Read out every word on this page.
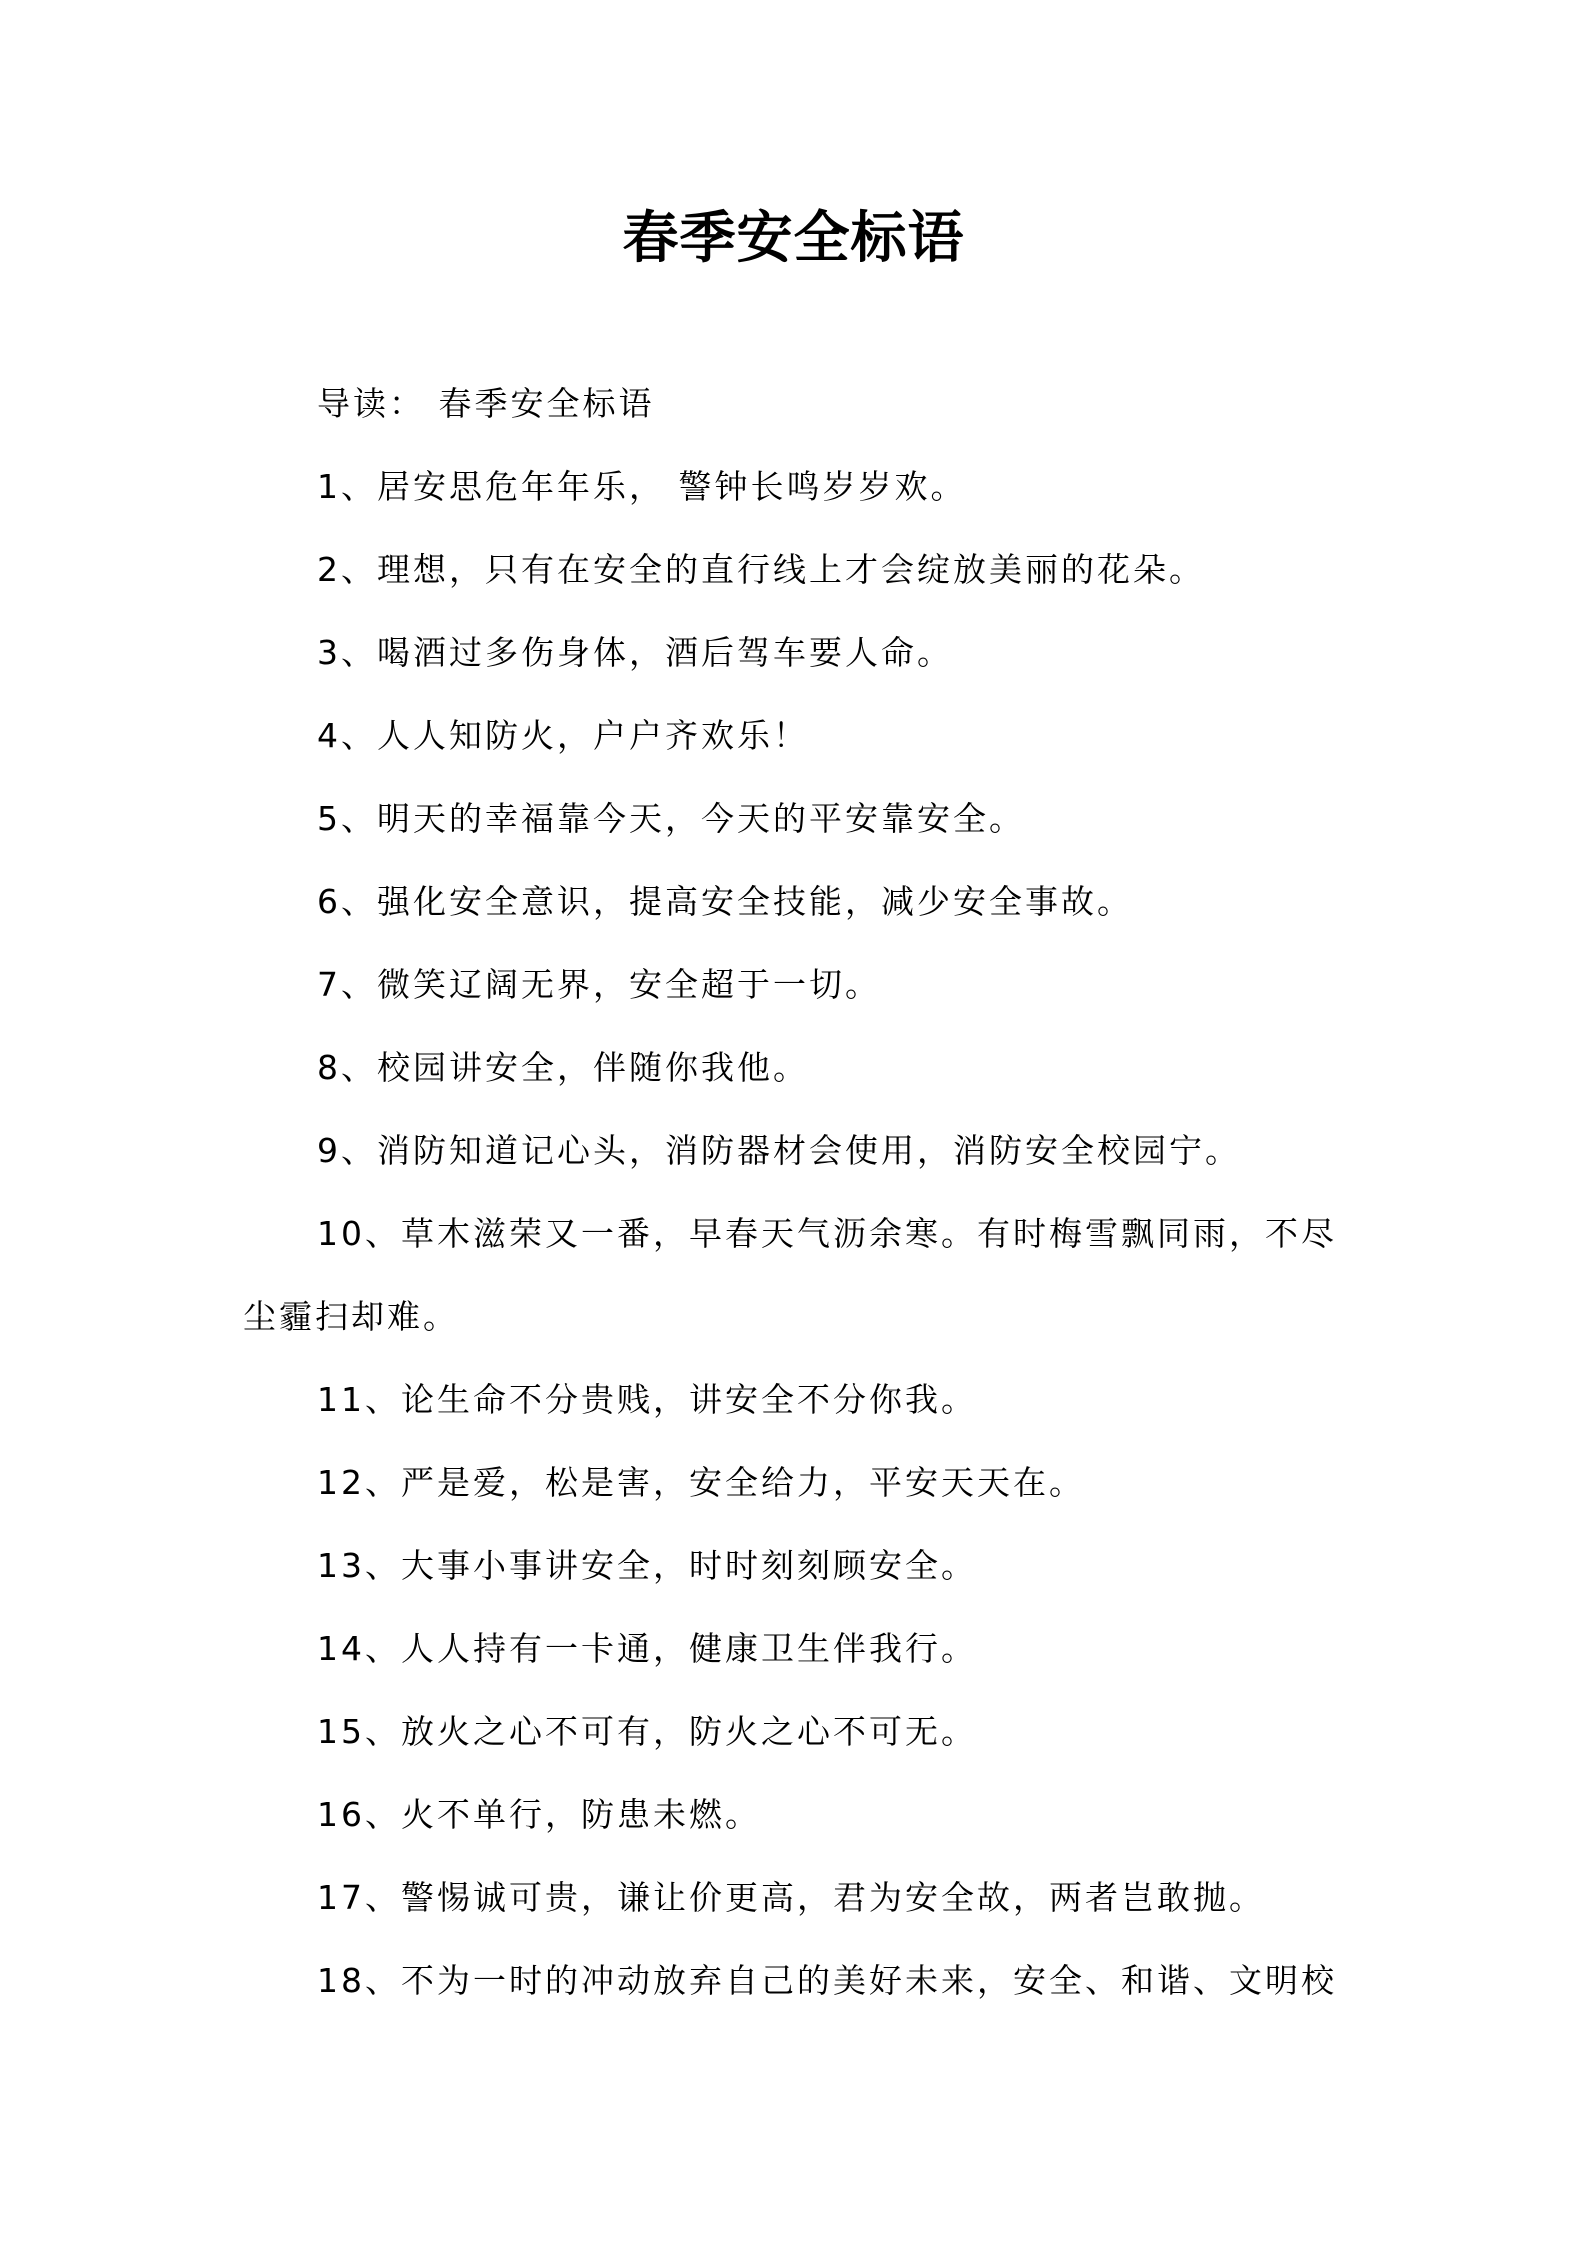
春季安全标语

导读： 春季安全标语

1、居安思危年年乐， 警钟长鸣岁岁欢。

2、理想，只有在安全的直行线上才会绽放美丽的花朵。

3、喝酒过多伤身体，酒后驾车要人命。

4、人人知防火，户户齐欢乐！

5、明天的幸福靠今天，今天的平安靠安全。

6、强化安全意识，提高安全技能，减少安全事故。

7、微笑辽阔无界，安全超于一切。

8、校园讲安全，伴随你我他。

9、消防知道记心头，消防器材会使用，消防安全校园宁。

10、草木滋荣又一番，早春天气沥余寒。有时梅雪飘同雨，不尽尘霾扫却难。

11、论生命不分贵贱，讲安全不分你我。

12、严是爱，松是害，安全给力，平安天天在。

13、大事小事讲安全，时时刻刻顾安全。

14、人人持有一卡通，健康卫生伴我行。

15、放火之心不可有，防火之心不可无。

16、火不单行，防患未燃。

17、警惕诚可贵，谦让价更高，君为安全故，两者岂敢抛。

18、不为一时的冲动放弃自己的美好未来，安全、和谐、文明校
